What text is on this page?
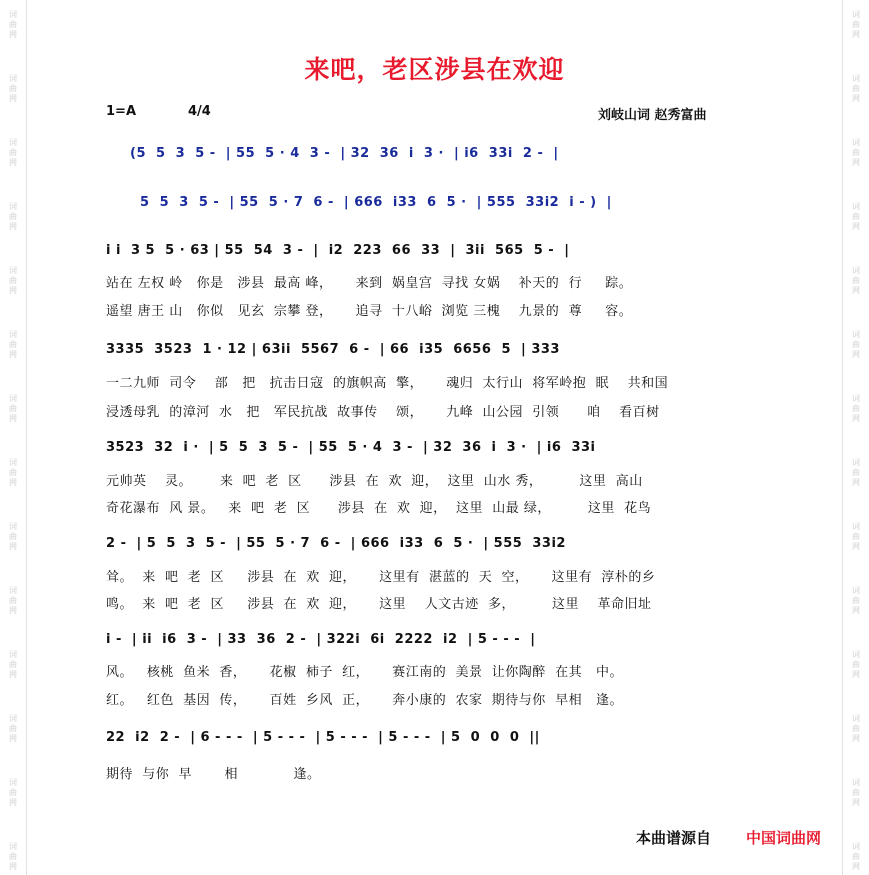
词
曲
网
词
曲
网
词
曲
网
词
曲
网
词
曲
网
词
曲
网
词
曲
网
词
曲
网
词
曲
网
词
曲
网
词
曲
网
词
曲
网
词
曲
网
词
曲
网
词
曲
网
词
曲
网
词
曲
网
词
曲
网
词
曲
网
词
曲
网
词
曲
网
词
曲
网
词
曲
网
词
曲
网
词
曲
网
词
曲
网
词
曲
网
词
曲
网
来吧，老区涉县在欢迎
1=A	4/4	刘岐山词 赵秀富曲
(5  5  3  5 -  | 55  5 · 4  3 -  | 32  36  i  3 ·  | i6  33i  2 -  |
5  5  3  5 -  | 55  5 · 7  6 -  | 666  i33  6  5 ·  | 555  33i2  i - )  |
i i  3 5  5 · 63 | 55  54  3 -  |  i2  223  66  33  |  3ii  565  5 -  |
站在 左权 岭   你是   涉县  最高 峰，     来到  娲皇宫  寻找 女娲    补天的  行     踪。
遥望 唐王 山   你似   见玄  宗攀 登，     追寻  十八峪  浏览 三槐    九景的  尊     容。
3335  3523  1 · 12 | 63ii  5567  6 -  | 66  i35  6656  5  | 333
一二九师  司令    部   把   抗击日寇  的旗帜高  擎，     魂归  太行山  将军岭抱  眠    共和国
浸透母乳  的漳河  水   把   军民抗战  故事传    颂，     九峰  山公园  引领      咱    看百树
3523  32  i ·  | 5  5  3  5 -  | 55  5 · 4  3 -  | 32  36  i  3 ·  | i6  33i
元帅英    灵。      来  吧  老  区      涉县  在  欢  迎，  这里  山水 秀，        这里  高山
奇花瀑布  风 景。   来  吧  老  区      涉县  在  欢  迎，  这里  山最 绿，        这里  花鸟
2 -  | 5  5  3  5 -  | 55  5 · 7  6 -  | 666  i33  6  5 ·  | 555  33i2
耸。  来  吧  老  区     涉县  在  欢  迎，     这里有  湛蓝的  天  空，     这里有  淳朴的乡
鸣。  来  吧  老  区     涉县  在  欢  迎，     这里    人文古迹  多，        这里    革命旧址
i -  | ii  i6  3 -  | 33  36  2 -  | 322i  6i  2222  i2  | 5 - - -  |
风。   核桃  鱼米  香，     花椒  柿子  红，     赛江南的  美景  让你陶醉  在其   中。
红。   红色  基因  传，     百姓  乡风  正，     奔小康的  农家  期待与你  早相   逢。
22  i2  2 -  | 6 - - -  | 5 - - -  | 5 - - -  | 5 - - -  | 5  0  0  0  ||
期待  与你  早       相            逢。
本曲谱源自 中国词曲网
